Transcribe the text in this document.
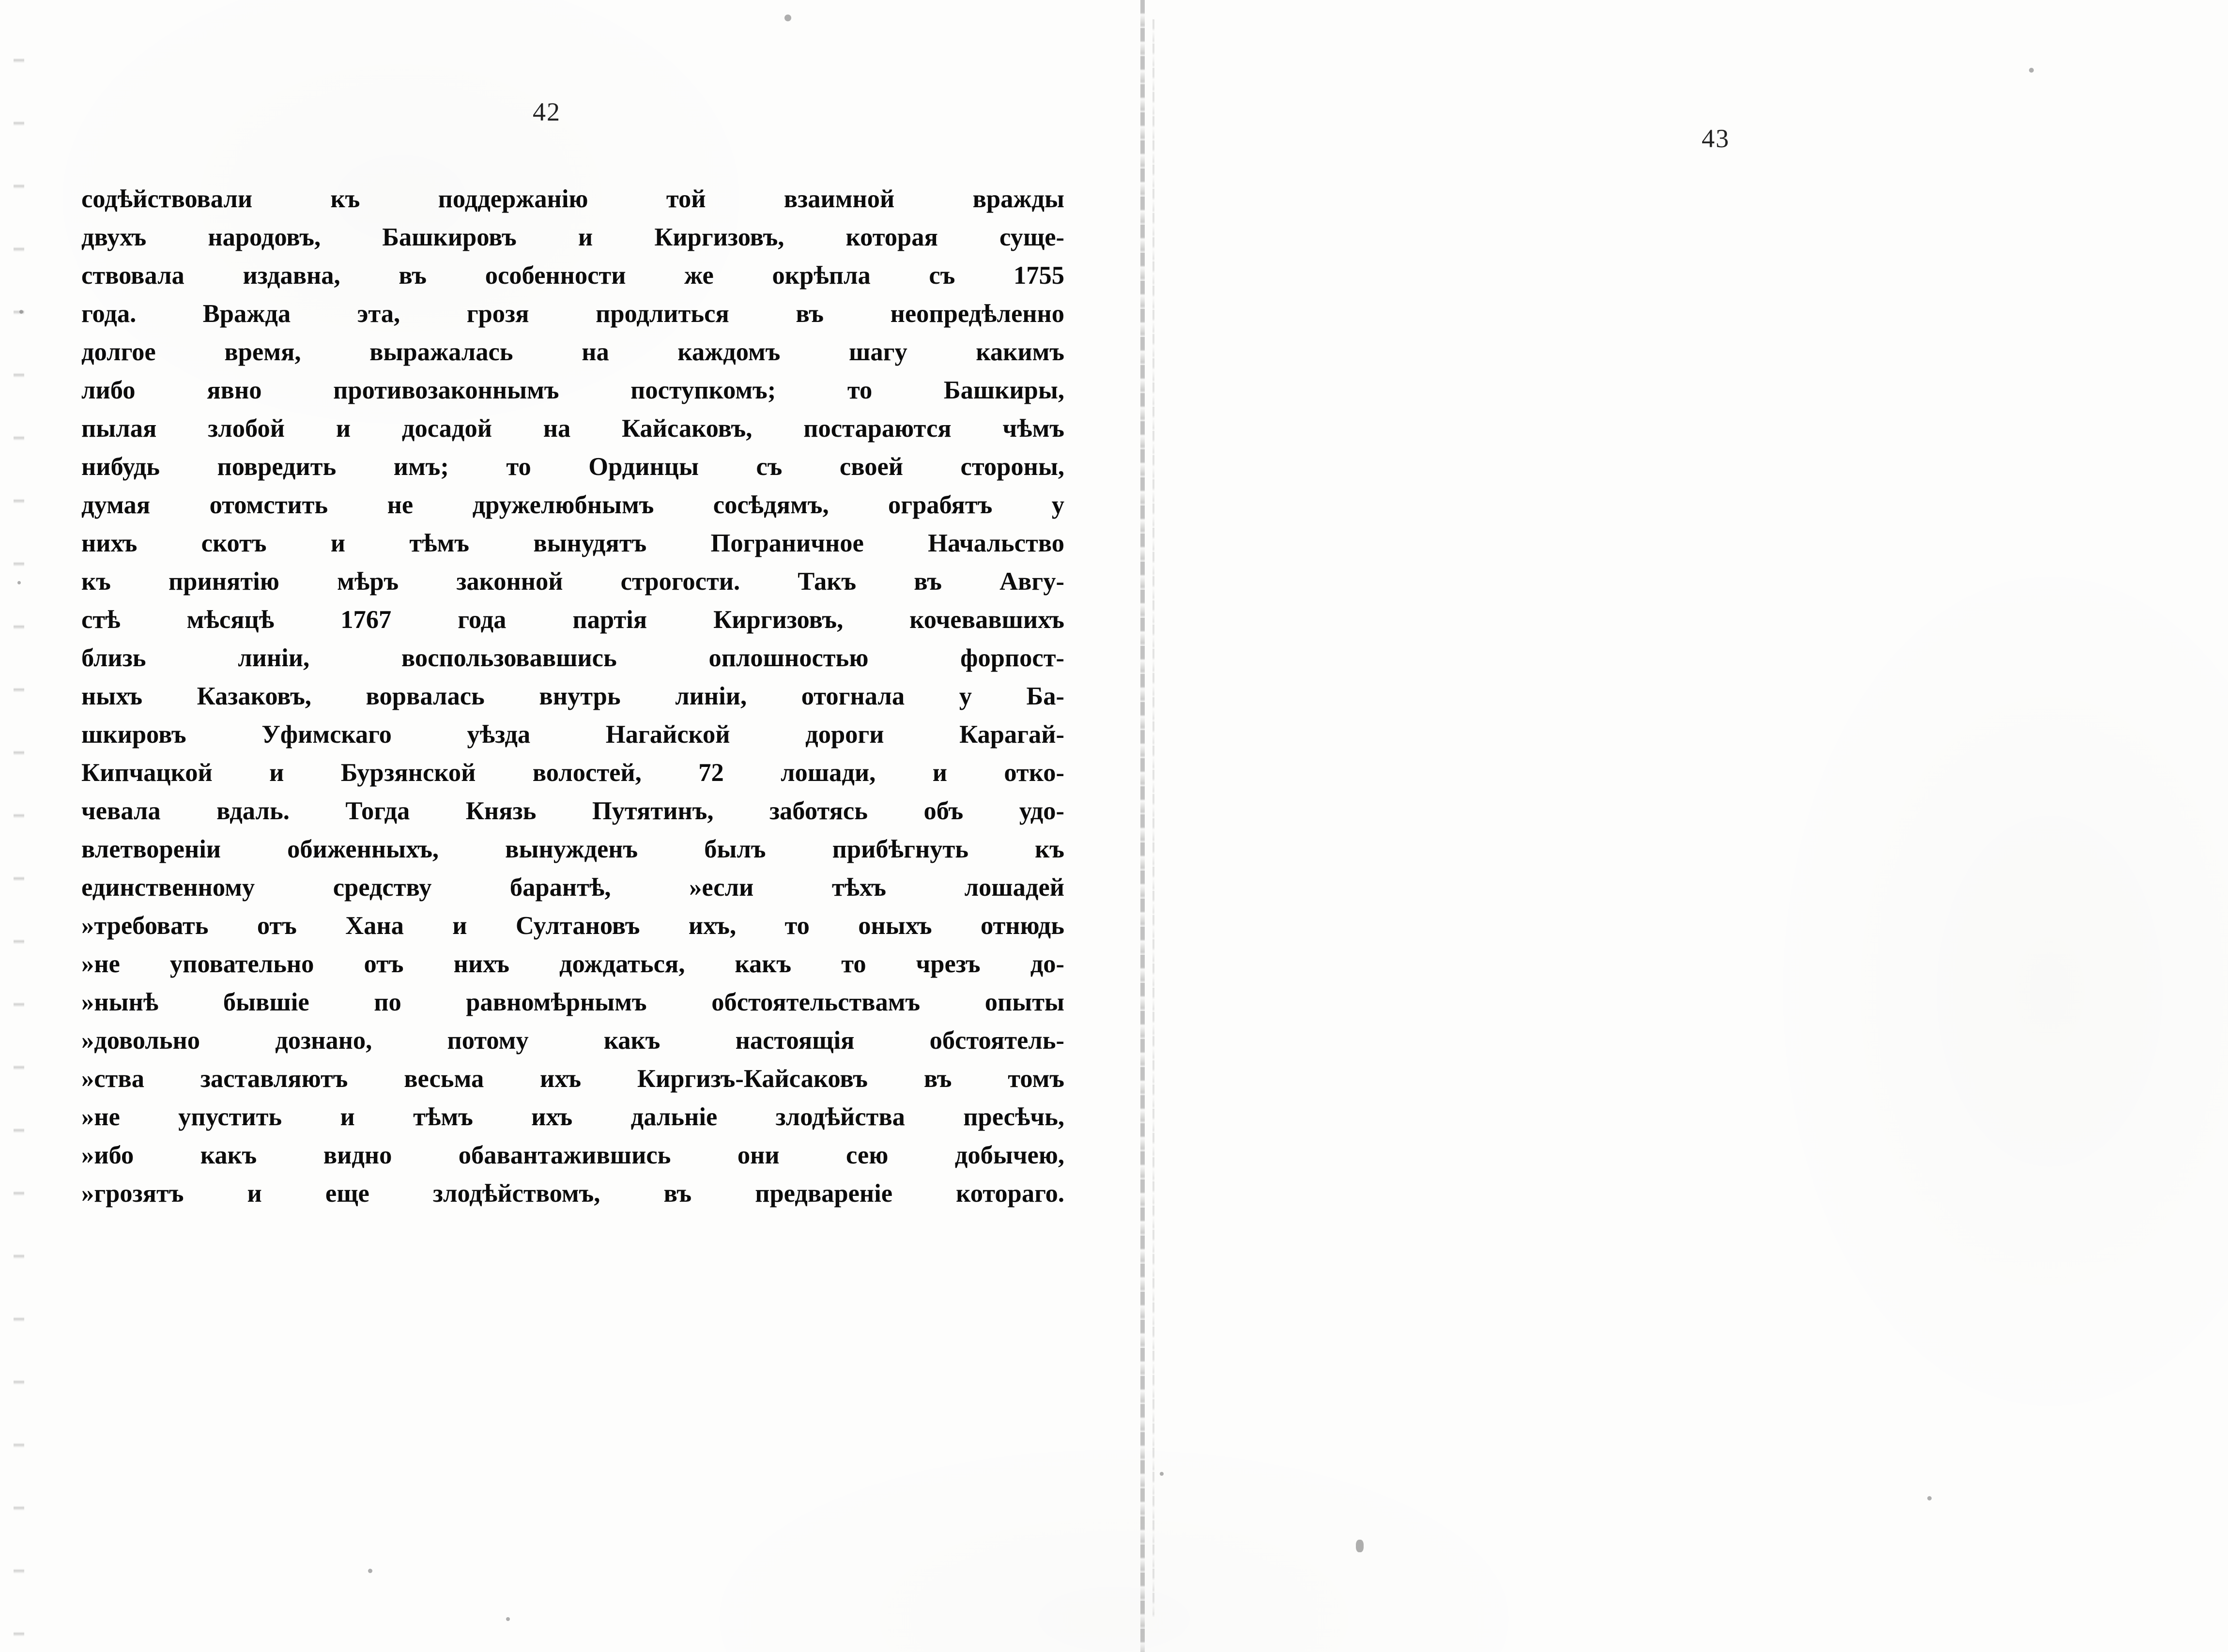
42

содѣйствовали къ поддержанію той взаимной вражды
двухъ народовъ, Башкировъ и Киргизовъ, которая суще-
ствовала издавна, въ особенности же окрѣпла съ 1755
года. Вражда эта, грозя продлиться въ неопредѣленно
долгое время, выражалась на каждомъ шагу какимъ
либо явно противозаконнымъ поступкомъ; то Башкиры,
пылая злобой и досадой на Кайсаковъ, постараются чѣмъ
нибудь повредить имъ; то Ординцы съ своей стороны,
думая отомстить не дружелюбнымъ сосѣдямъ, ограбятъ у
нихъ скотъ и тѣмъ вынудятъ Пограничное Начальство
къ принятію мѣръ законной строгости. Такъ въ Авгу-
стѣ мѣсяцѣ 1767 года партія Киргизовъ, кочевавшихъ
близь линіи, воспользовавшись оплошностью форпост-
ныхъ Казаковъ, ворвалась внутрь линіи, отогнала у Ба-
шкировъ Уфимскаго уѣзда Нагайской дороги Карагай-
Кипчацкой и Бурзянской волостей, 72 лошади, и отко-
чевала вдаль. Тогда Князь Путятинъ, заботясь объ удо-
влетвореніи обиженныхъ, вынужденъ былъ прибѣгнуть къ
единственному средству барантѣ, »если тѣхъ лошадей
»требовать отъ Хана и Султановъ ихъ, то оныхъ отнюдь
»не уповательно отъ нихъ дождаться, какъ то чрезъ до-
»нынѣ бывшіе по равномѣрнымъ обстоятельствамъ опыты
»довольно дознано, потому какъ настоящія обстоятель-
»ства заставляютъ весьма ихъ Киргизъ-Кайсаковъ въ томъ
»не упустить и тѣмъ ихъ дальніе злодѣйства пресѣчь,
»ибо какъ видно обавантажившись они сею добычею,
»грозятъ и еще злодѣйствомъ, въ предвареніе котораго.

43
